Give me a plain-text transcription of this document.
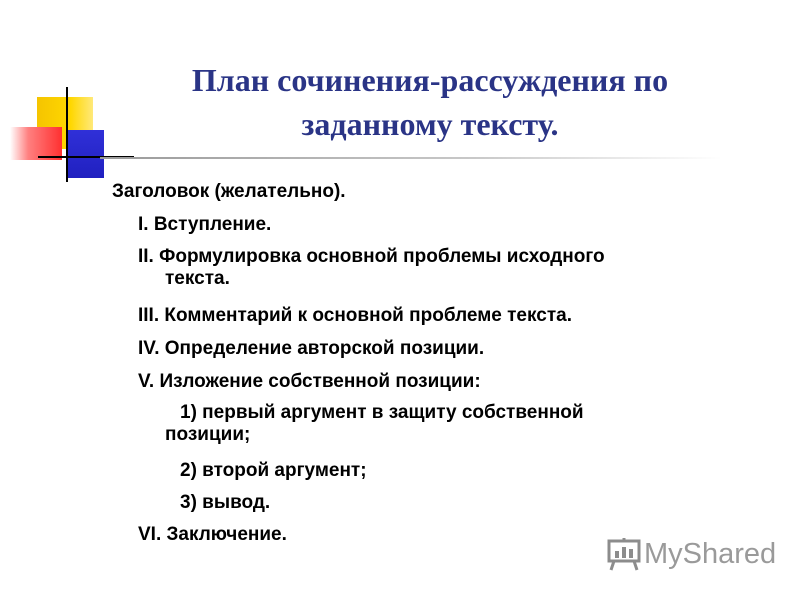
План сочинения-рассуждения по
заданному тексту.
Заголовок (желательно).
I. Вступление.
II. Формулировка основной проблемы исходного
текста.
III. Комментарий к основной проблеме текста.
IV. Определение авторской позиции.
V. Изложение собственной позиции:
1) первый аргумент в защиту собственной
позиции;
2) второй аргумент;
3) вывод.
VI. Заключение.
MyShared
